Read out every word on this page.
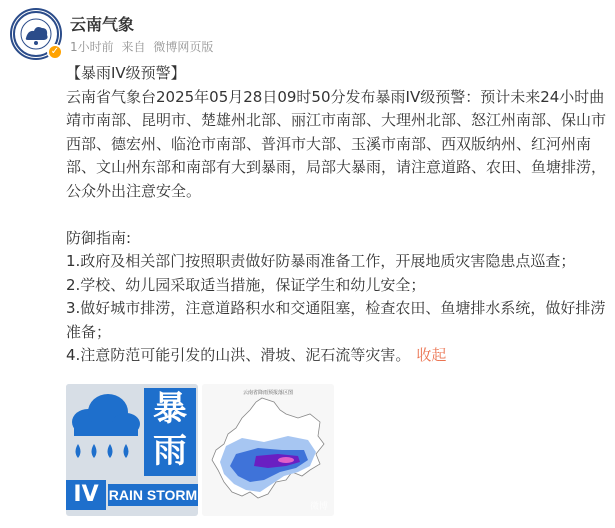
✓
云南气象
1小时前 来自 微博网页版

【暴雨IV级预警】

云南省气象台2025年05月28日09时50分发布暴雨IV级预警：预计未来24小时曲靖市南部、昆明市、楚雄州北部、丽江市南部、大理州北部、怒江州南部、保山市西部、德宏州、临沧市南部、普洱市大部、玉溪市南部、西双版纳州、红河州南部、文山州东部和南部有大到暴雨，局部大暴雨，请注意道路、农田、鱼塘排涝，公众外出注意安全。

防御指南:

1.政府及相关部门按照职责做好防暴雨准备工作，开展地质灾害隐患点巡查；

2.学校、幼儿园采取适当措施，保证学生和幼儿安全；

3.做好城市排涝，注意道路积水和交通阻塞，检查农田、鱼塘排水系统，做好排涝准备；

4.注意防范可能引发的山洪、滑坡、泥石流等灾害。 收起

暴雨
IV RAIN STORM
云南省降雨预报落区图
微博
